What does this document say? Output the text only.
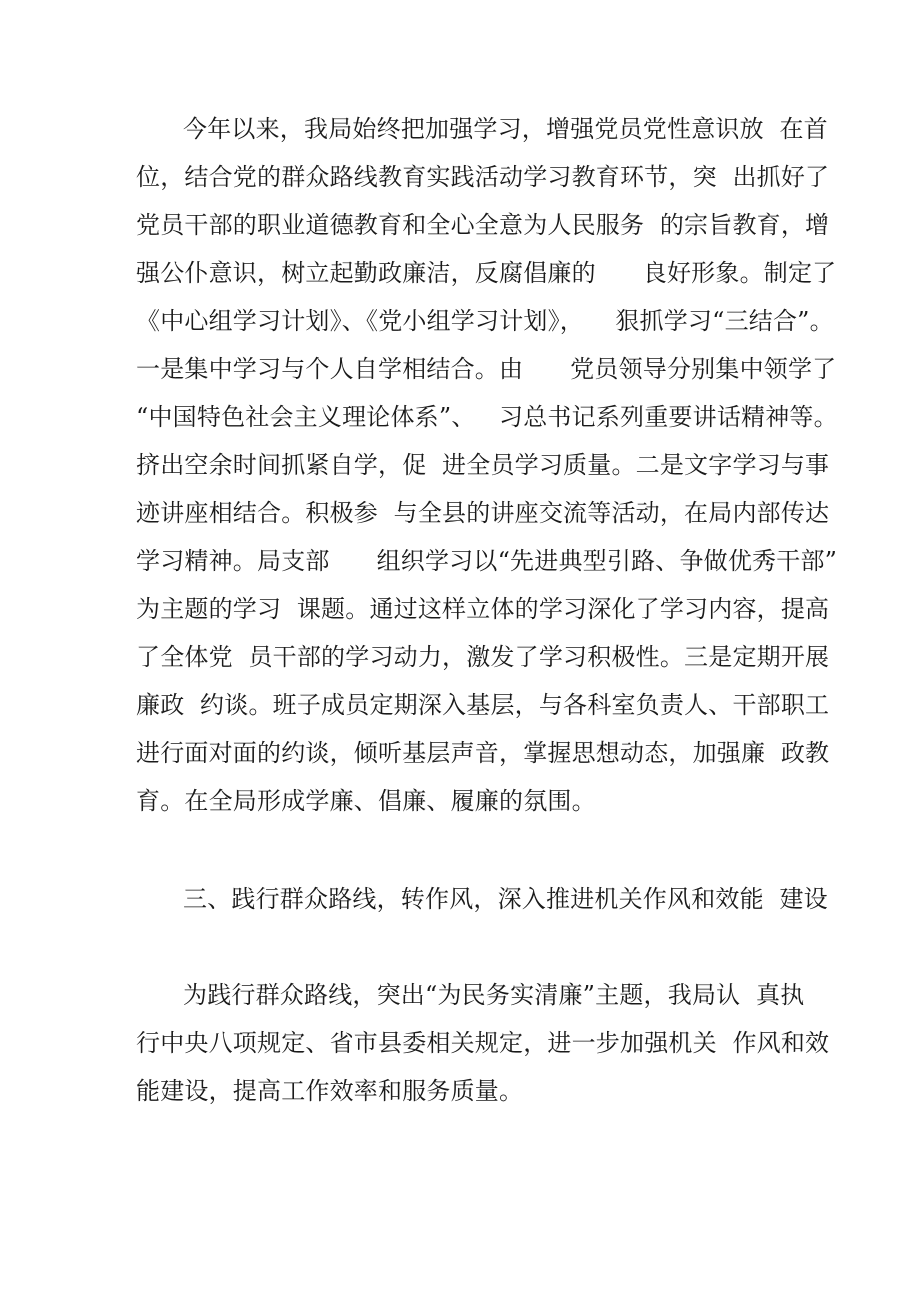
今年以来，我局始终把加强学习，增强党员党性意识放  在首
位，结合党的群众路线教育实践活动学习教育环节，突  出抓好了
党员干部的职业道德教育和全心全意为人民服务  的宗旨教育，增
强公仆意识，树立起勤政廉洁，反腐倡廉的      良好形象。制定了
《中心组学习计划》、《党小组学习计划》，    狠抓学习“三结合”。
一是集中学习与个人自学相结合。由      党员领导分别集中领学了
“中国特色社会主义理论体系”、   习总书记系列重要讲话精神等。
挤出空余时间抓紧自学，促  进全员学习质量。二是文字学习与事
迹讲座相结合。积极参  与全县的讲座交流等活动，在局内部传达
学习精神。局支部      组织学习以“先进典型引路、争做优秀干部”
为主题的学习  课题。通过这样立体的学习深化了学习内容，提高
了全体党  员干部的学习动力，激发了学习积极性。三是定期开展
廉政  约谈。班子成员定期深入基层，与各科室负责人、干部职工
进行面对面的约谈，倾听基层声音，掌握思想动态，加强廉  政教
育。在全局形成学廉、倡廉、履廉的氛围。
三、践行群众路线，转作风，深入推进机关作风和效能  建设
为践行群众路线，突出“为民务实清廉”主题，我局认  真执
行中央八项规定、省市县委相关规定，进一步加强机关  作风和效
能建设，提高工作效率和服务质量。
